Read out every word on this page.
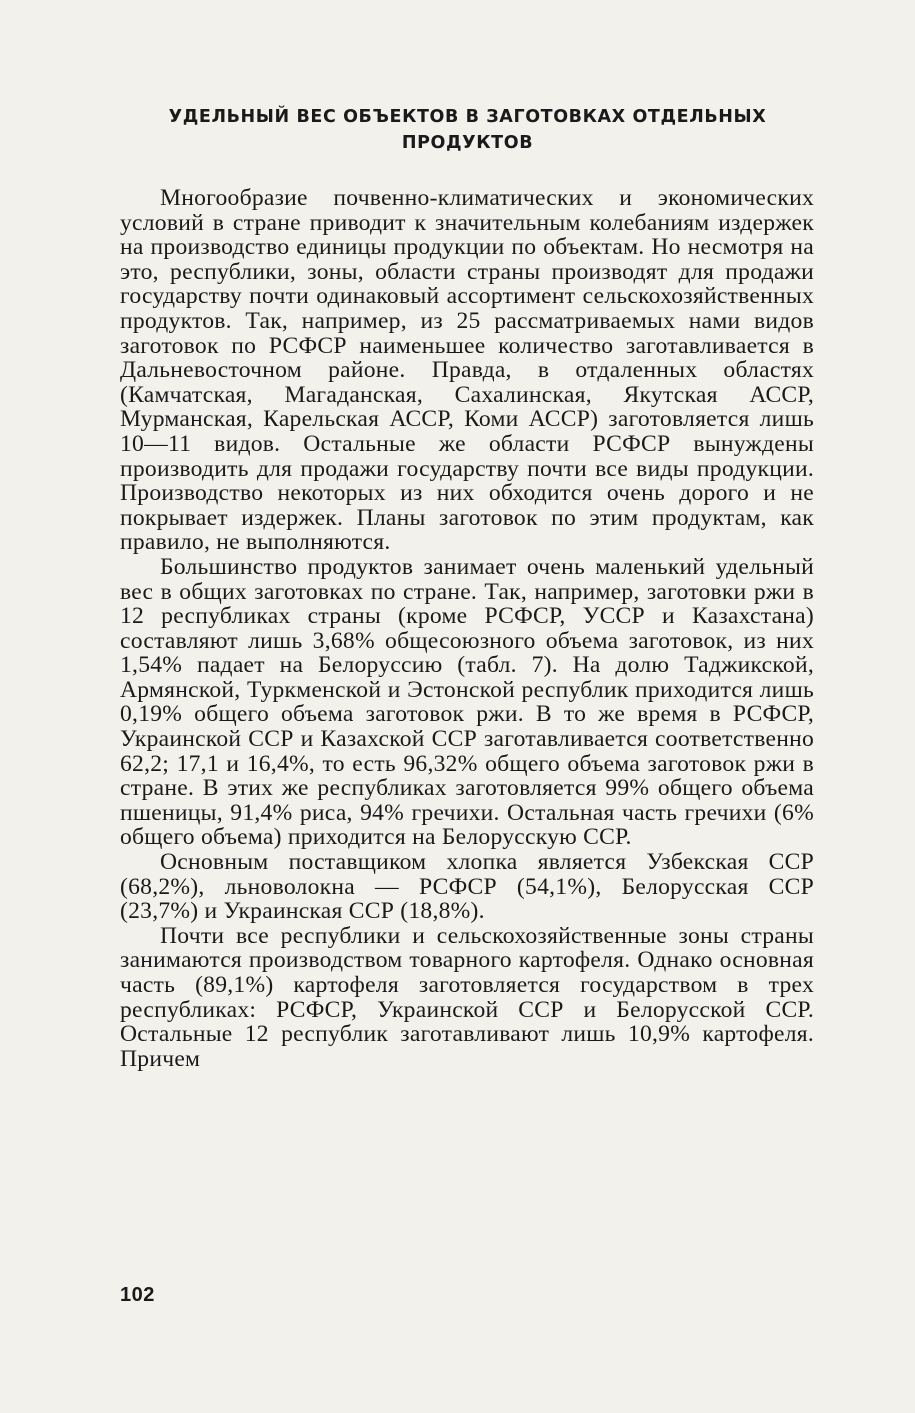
УДЕЛЬНЫЙ ВЕС ОБЪЕКТОВ В ЗАГОТОВКАХ ОТДЕЛЬНЫХ
ПРОДУКТОВ

Многообразие почвенно-климатических и экономических условий в стране приводит к значительным колебаниям издержек на производство единицы продукции по объектам. Но несмотря на это, республики, зоны, области страны производят для продажи государству почти одинаковый ассортимент сельскохозяйственных продуктов. Так, например, из 25 рассматриваемых нами видов заготовок по РСФСР наименьшее количество заготавливается в Дальневосточном районе. Правда, в отдаленных областях (Камчатская, Магаданская, Сахалинская, Якутская АССР, Мурманская, Карельская АССР, Коми АССР) заготовляется лишь 10—11 видов. Остальные же области РСФСР вынуждены производить для продажи государству почти все виды продукции. Производство некоторых из них обходится очень дорого и не покрывает издержек. Планы заготовок по этим продуктам, как правило, не выполняются.

Большинство продуктов занимает очень маленький удельный вес в общих заготовках по стране. Так, например, заготовки ржи в 12 республиках страны (кроме РСФСР, УССР и Казахстана) составляют лишь 3,68% общесоюзного объема заготовок, из них 1,54% падает на Белоруссию (табл. 7). На долю Таджикской, Армянской, Туркменской и Эстонской республик приходится лишь 0,19% общего объема заготовок ржи. В то же время в РСФСР, Украинской ССР и Казахской ССР заготавливается соответственно 62,2; 17,1 и 16,4%, то есть 96,32% общего объема заготовок ржи в стране. В этих же республиках заготовляется 99% общего объема пшеницы, 91,4% риса, 94% гречихи. Остальная часть гречихи (6% общего объема) приходится на Белорусскую ССР.

Основным поставщиком хлопка является Узбекская ССР (68,2%), льноволокна — РСФСР (54,1%), Белорусская ССР (23,7%) и Украинская ССР (18,8%).

Почти все республики и сельскохозяйственные зоны страны занимаются производством товарного картофеля. Однако основная часть (89,1%) картофеля заготовляется государством в трех республиках: РСФСР, Украинской ССР и Белорусской ССР. Остальные 12 республик заготавливают лишь 10,9% картофеля. Причем

102
